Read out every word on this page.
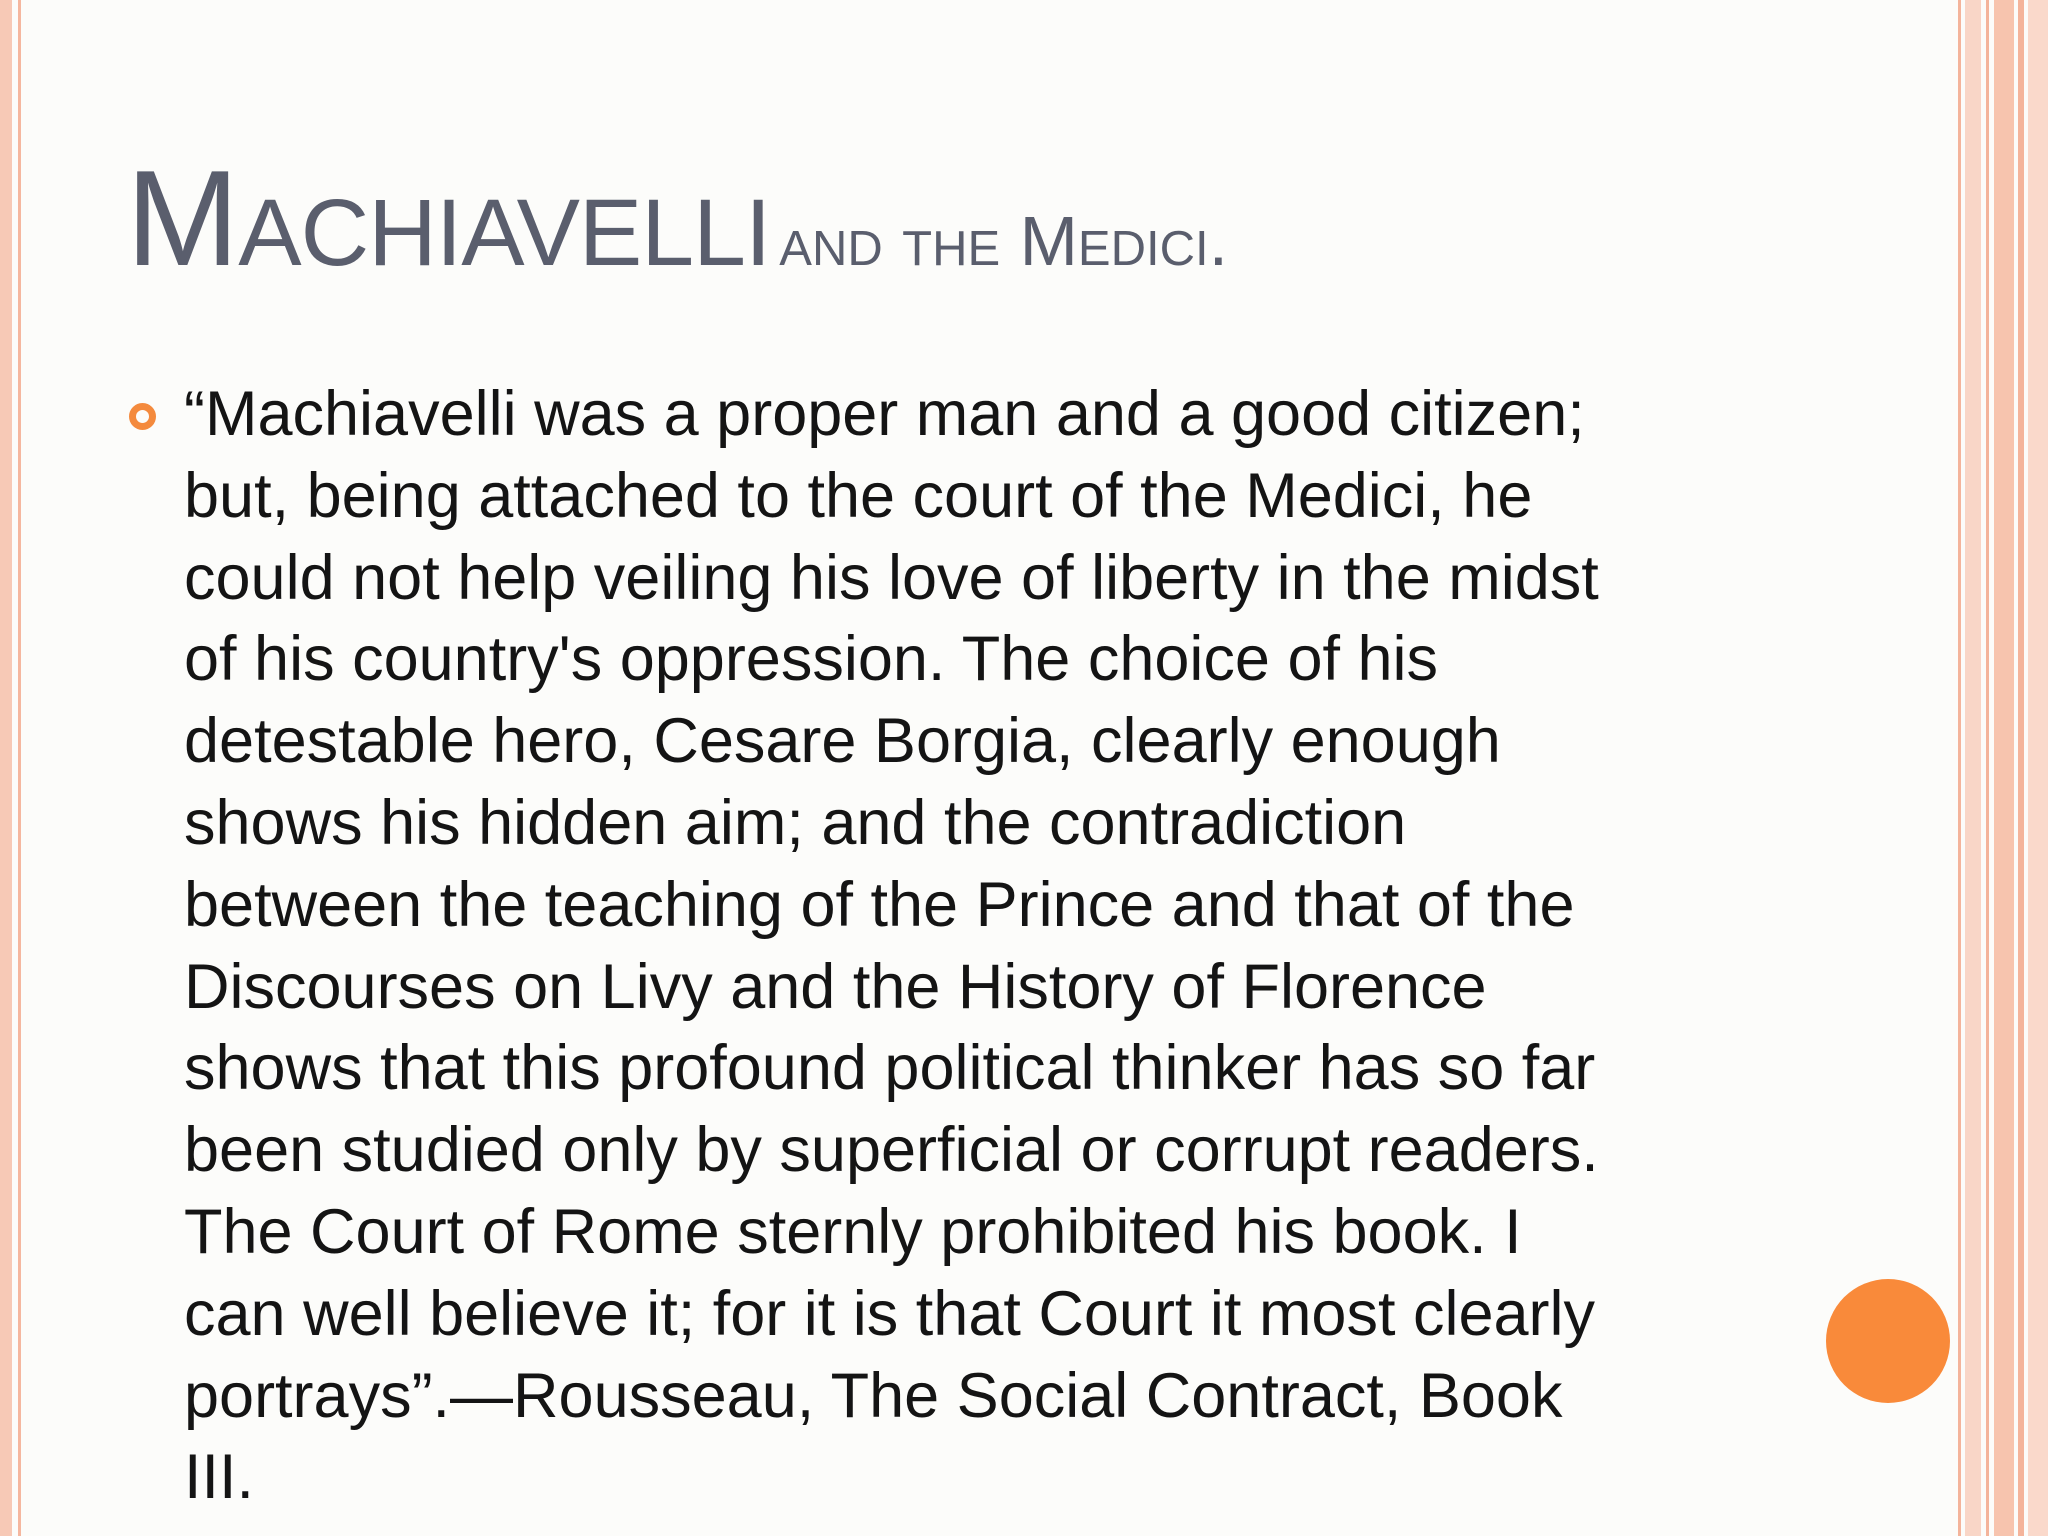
Machiavelli and the Medici.

“Machiavelli was a proper man and a good citizen;
but, being attached to the court of the Medici, he
could not help veiling his love of liberty in the midst
of his country's oppression. The choice of his
detestable hero, Cesare Borgia, clearly enough
shows his hidden aim; and the contradiction
between the teaching of the Prince and that of the
Discourses on Livy and the History of Florence
shows that this profound political thinker has so far
been studied only by superficial or corrupt readers.
The Court of Rome sternly prohibited his book. I
can well believe it; for it is that Court it most clearly
portrays”.—Rousseau, The Social Contract, Book
III.
